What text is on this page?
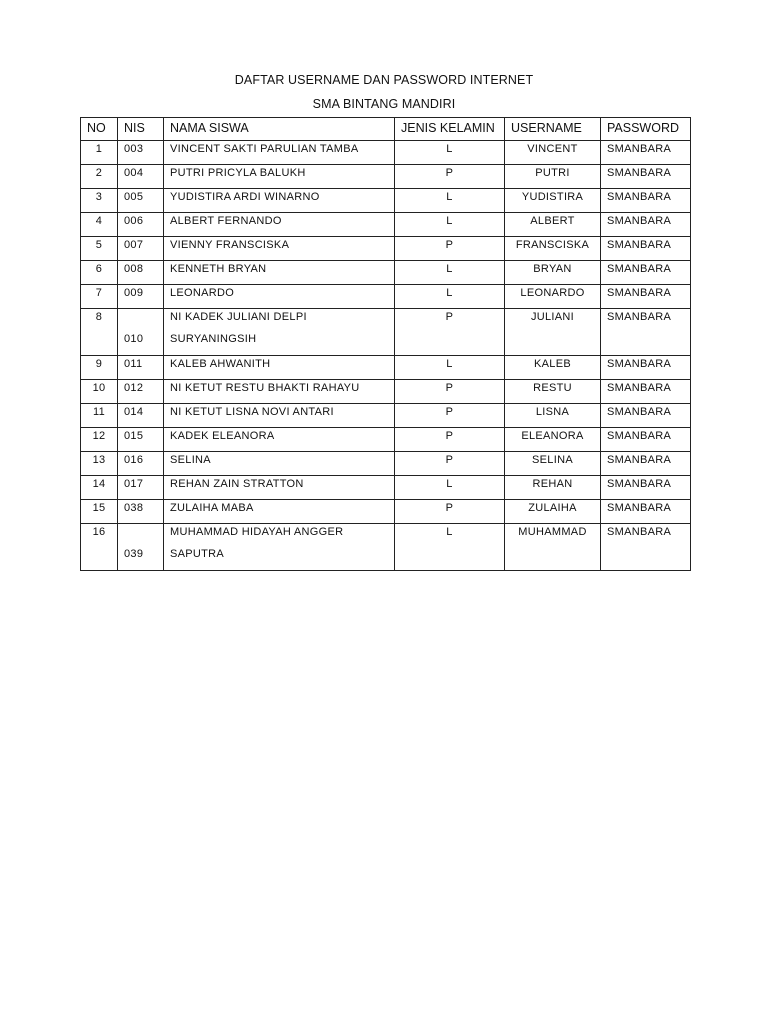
DAFTAR USERNAME DAN PASSWORD INTERNET
SMA BINTANG MANDIRI
NO	NIS	NAMA SISWA	JENIS KELAMIN	USERNAME	PASSWORD
1	003	VINCENT SAKTI PARULIAN TAMBA	L	VINCENT	SMANBARA
2	004	PUTRI PRICYLA BALUKH	P	PUTRI	SMANBARA
3	005	YUDISTIRA ARDI WINARNO	L	YUDISTIRA	SMANBARA
4	006	ALBERT FERNANDO	L	ALBERT	SMANBARA
5	007	VIENNY FRANSCISKA	P	FRANSCISKA	SMANBARA
6	008	KENNETH BRYAN	L	BRYAN	SMANBARA
7	009	LEONARDO	L	LEONARDO	SMANBARA
8	010	NI KADEK JULIANI DELPI
SURYANINGSIH	P	JULIANI	SMANBARA
9	011	KALEB AHWANITH	L	KALEB	SMANBARA
10	012	NI KETUT RESTU BHAKTI RAHAYU	P	RESTU	SMANBARA
11	014	NI KETUT LISNA NOVI ANTARI	P	LISNA	SMANBARA
12	015	KADEK ELEANORA	P	ELEANORA	SMANBARA
13	016	SELINA	P	SELINA	SMANBARA
14	017	REHAN ZAIN STRATTON	L	REHAN	SMANBARA
15	038	ZULAIHA MABA	P	ZULAIHA	SMANBARA
16	039	MUHAMMAD HIDAYAH ANGGER
SAPUTRA	L	MUHAMMAD	SMANBARA
